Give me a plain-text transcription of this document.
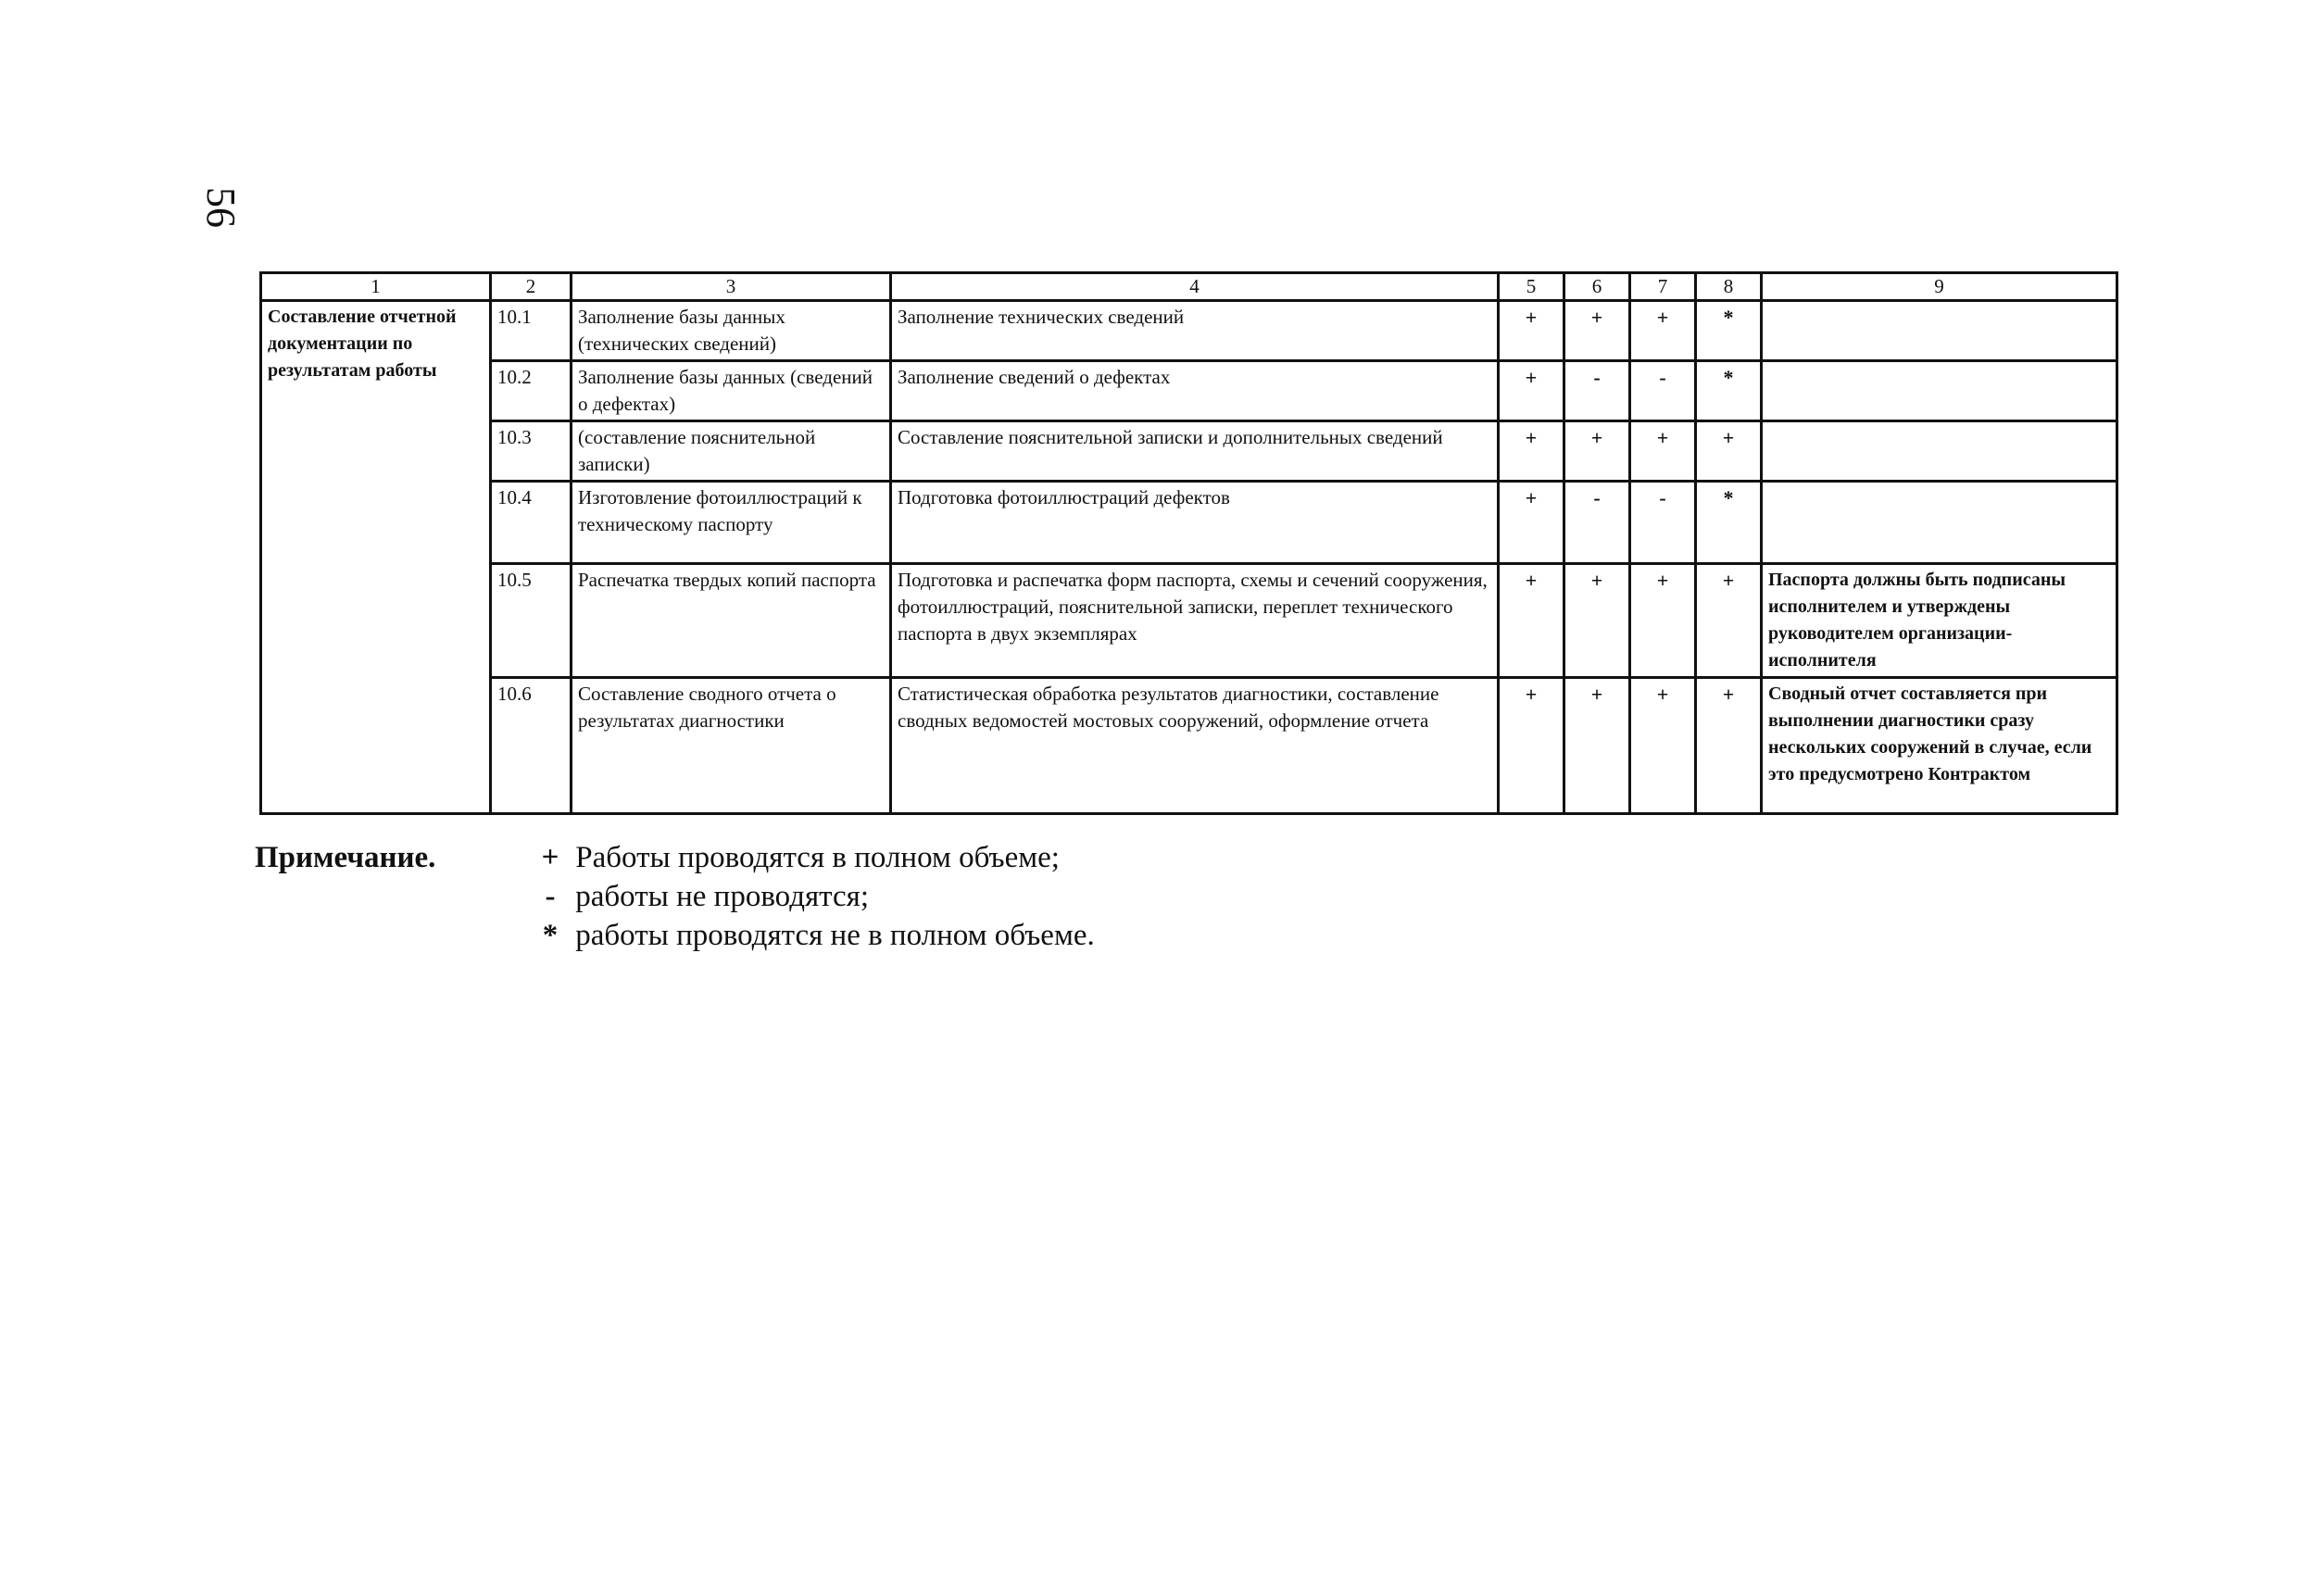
56
1	2	3	4	5	6	7	8	9
Составление отчетной документации по результатам работы	10.1	Заполнение базы данных (технических сведений)	Заполнение технических сведений	+	+	+	*	
	10.2	Заполнение базы данных (сведений о дефектах)	Заполнение сведений о дефектах	+	-	-	*	
	10.3	(составление пояснительной записки)	Составление пояснительной записки и дополнительных сведений	+	+	+	+	
	10.4	Изготовление фотоиллюстраций к техническому паспорту	Подготовка фотоиллюстраций дефектов	+	-	-	*	
	10.5	Распечатка твердых копий паспорта	Подготовка и распечатка форм паспорта, схемы и сечений сооружения, фотоиллюстраций, пояснительной записки, переплет технического паспорта в двух экземплярах	+	+	+	+	Паспорта должны быть подписаны исполнителем и утверждены руководителем организации-исполнителя
	10.6	Составление сводного отчета о результатах диагностики	Статистическая обработка результатов диагностики, составление сводных ведомостей мостовых сооружений, оформление отчета	+	+	+	+	Сводный отчет составляется при выполнении диагностики сразу нескольких сооружений в случае, если это предусмотрено Контрактом
Примечание.	+ Работы проводятся в полном объеме;
- работы не проводятся;
* работы проводятся не в полном объеме.
